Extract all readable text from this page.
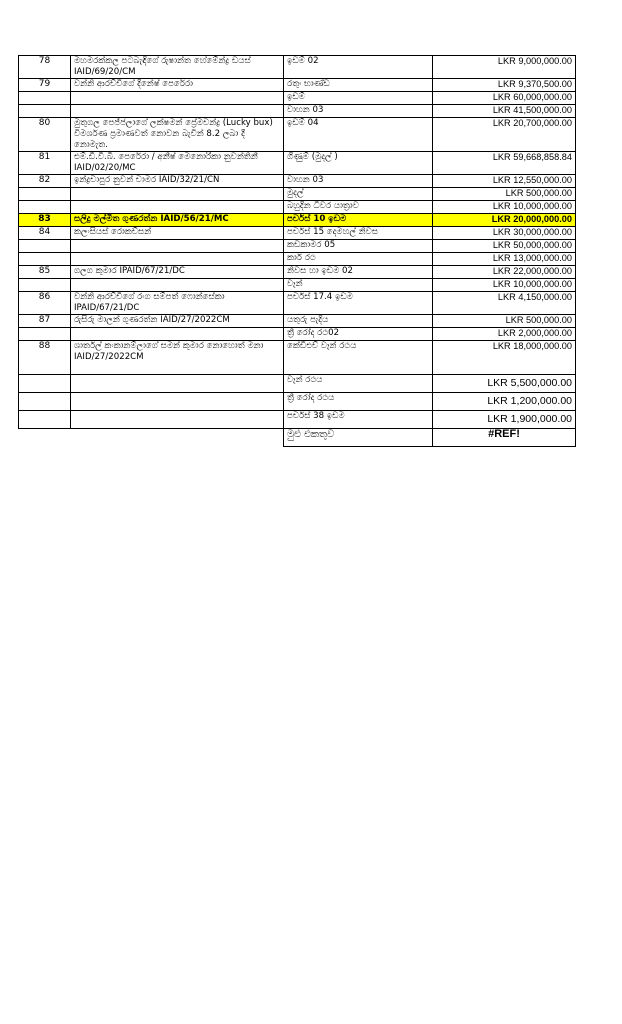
78	මහමරක්කල පටබැඳිගේ රුෂාන්ත හේමේන්ද්‍ර ඩයස් IAID/69/20/CM	ඉඩම් 02	LKR 9,000,000.00
79	වන්නි ආරච්චිගේ දිනේෂ් පෙරේරා	රතුං භාණ්ඩ	LKR 9,370,500.00
		ඉඩම්	LKR 60,000,000.00
		වාහන 03	LKR 41,500,000.00
80	මුතුගල පෙජ්ජලාගේ ලක්ෂමන් ප්‍රේමචන්ද්‍ර (Lucky bux) විමර්ශණ ප්‍රමාණවත් නොවන බැවින් 8.2 ලබා දී නොමැත.	ඉඩම් 04	LKR 20,700,000.00
81	එම්.ඩී.වී.බී. පෙරේරා / අනීෂ් මෙනොරිකා නුවන්තිනී IAID/02/20/MC	ගිණුම් (මුදල් )	LKR 59,668,858.84
82	ඉන්ද්‍රචාපුර නුවන් චාමර IAID/32/21/CN	වාහන 03	LKR 12,550,000.00
		මුදල්	LKR 500,000.00
		බහුදින ධීවර යාත්‍රාව	LKR 10,000,000.00
83	සලිදු මල්මිත ගුණරත්න IAID/56/21/MC	පර්චස් 10 ඉඩම	LKR 20,000,000.00
84	කලංසියස් රොකච්සන්	පර්චස් 15 දෙමහල් නිවස	LKR 30,000,000.00
		කඩකාමර 05	LKR 50,000,000.00
		කාර් රථ	LKR 13,000,000.00
85	ගලග කුමාර IPAID/67/21/DC	නිවස හා ඉඩම 02	LKR 22,000,000.00
		වෑන්	LKR 10,000,000.00
86	වන්නි ආරච්චිගේ රංග සම්පත් ෆොන්සේකා IPAID/67/21/DC	පර්චස් 17.4 ඉඩම	LKR 4,150,000.00
87	රුසිරු මාලන් ගුණරත්න IAID/27/2022CM	යතුරු පැදිය	LKR 500,000.00
		ත්‍රී රෝද රථ02	LKR 2,000,000.00
88	ශාර්තල් කංකානම්ලාගේ සමන් කුමාර නොහොත් මනා IAID/27/2022CM	කේඩීඑච් වෑන් රථය	LKR 18,000,000.00
		වෑන් රථය	LKR 5,500,000.00
		ත්‍රී රෝද රථය	LKR 1,200,000.00
		පර්චස් 38 ඉඩම	LKR 1,900,000.00
		මුළු එකතුව	#REF!
